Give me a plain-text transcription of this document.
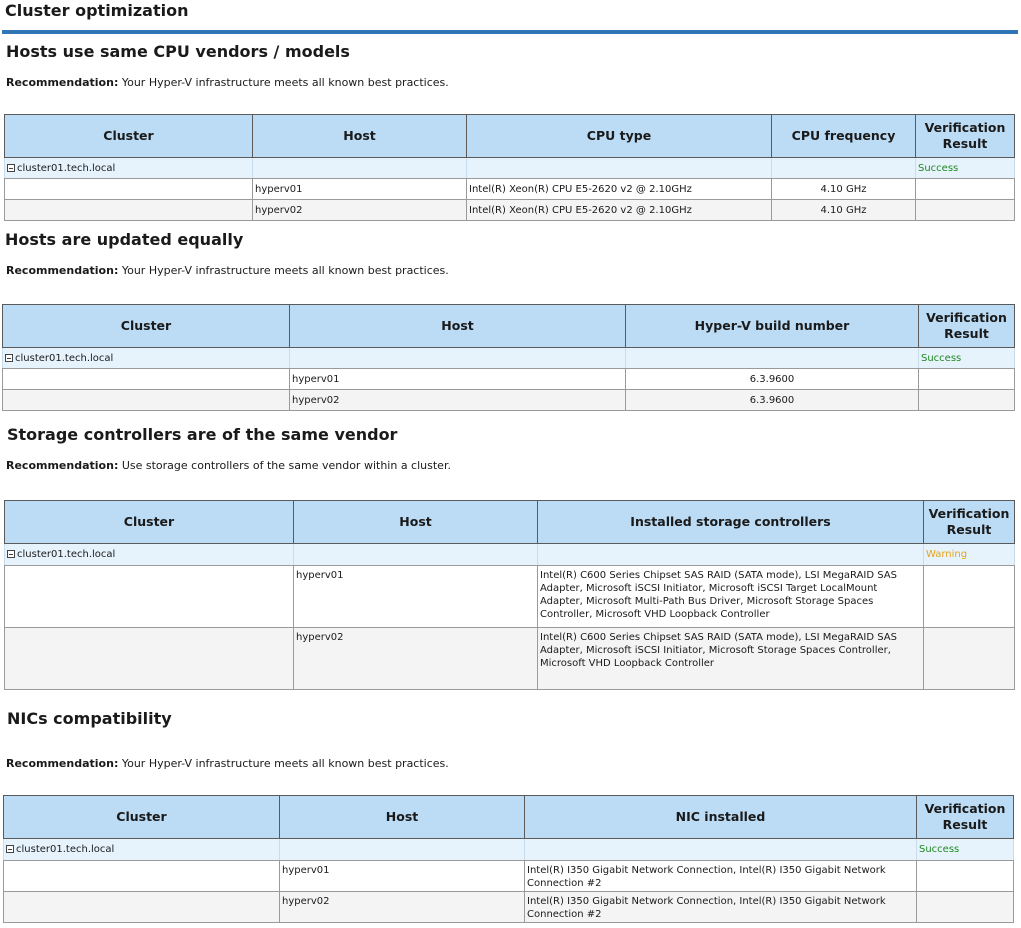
Cluster optimization
Hosts use same CPU vendors / models
Recommendation: Your Hyper-V infrastructure meets all known best practices.
Cluster	Host	CPU type	CPU frequency	Verification Result
cluster01.tech.local				Success
	hyperv01	Intel(R) Xeon(R) CPU E5-2620 v2 @ 2.10GHz	4.10 GHz	
	hyperv02	Intel(R) Xeon(R) CPU E5-2620 v2 @ 2.10GHz	4.10 GHz	
Hosts are updated equally
Recommendation: Your Hyper-V infrastructure meets all known best practices.
Cluster	Host	Hyper-V build number	Verification Result
cluster01.tech.local			Success
	hyperv01	6.3.9600	
	hyperv02	6.3.9600	
Storage controllers are of the same vendor
Recommendation: Use storage controllers of the same vendor within a cluster.
Cluster	Host	Installed storage controllers	Verification Result
cluster01.tech.local			Warning
	hyperv01	Intel(R) C600 Series Chipset SAS RAID (SATA mode), LSI MegaRAID SAS Adapter, Microsoft iSCSI Initiator, Microsoft iSCSI Target LocalMount Adapter, Microsoft Multi-Path Bus Driver, Microsoft Storage Spaces Controller, Microsoft VHD Loopback Controller	
	hyperv02	Intel(R) C600 Series Chipset SAS RAID (SATA mode), LSI MegaRAID SAS Adapter, Microsoft iSCSI Initiator, Microsoft Storage Spaces Controller, Microsoft VHD Loopback Controller	
NICs compatibility
Recommendation: Your Hyper-V infrastructure meets all known best practices.
Cluster	Host	NIC installed	Verification Result
cluster01.tech.local			Success
	hyperv01	Intel(R) I350 Gigabit Network Connection, Intel(R) I350 Gigabit Network Connection #2	
	hyperv02	Intel(R) I350 Gigabit Network Connection, Intel(R) I350 Gigabit Network Connection #2	
